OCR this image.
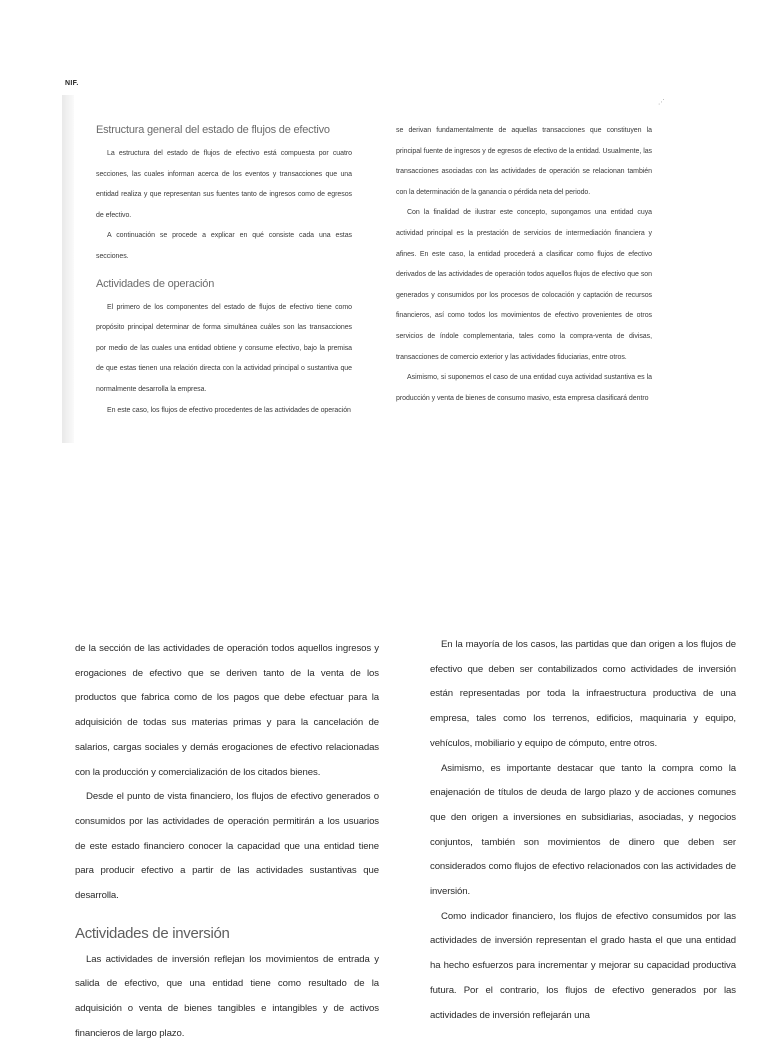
NIF.
⋰
Estructura general del estado de flujos de efectivo

La estructura del estado de flujos de efectivo está compuesta por cuatro secciones, las cuales informan acerca de los eventos y transacciones que una entidad realiza y que representan sus fuentes tanto de ingresos como de egresos de efectivo.

A continuación se procede a explicar en qué consiste cada una estas secciones.

Actividades de operación

El primero de los componentes del estado de flujos de efectivo tiene como propósito principal determinar de forma simultánea cuáles son las transacciones por medio de las cuales una entidad obtiene y consume efectivo, bajo la premisa de que estas tienen una relación directa con la actividad principal o sustantiva que normalmente desarrolla la empresa.

En este caso, los flujos de efectivo procedentes de las actividades de operación

se derivan fundamentalmente de aquellas transacciones que constituyen la principal fuente de ingresos y de egresos de efectivo de la entidad. Usualmente, las transacciones asociadas con las actividades de operación se relacionan también con la determinación de la ganancia o pérdida neta del periodo.

Con la finalidad de ilustrar este concepto, supongamos una entidad cuya actividad principal es la prestación de servicios de intermediación financiera y afines. En este caso, la entidad procederá a clasificar como flujos de efectivo derivados de las actividades de operación todos aquellos flujos de efectivo que son generados y consumidos por los procesos de colocación y captación de recursos financieros, así como todos los movimientos de efectivo provenientes de otros servicios de índole complementaria, tales como la compra-venta de divisas, transacciones de comercio exterior y las actividades fiduciarias, entre otros.

Asimismo, si suponemos el caso de una entidad cuya actividad sustantiva es la producción y venta de bienes de consumo masivo, esta empresa clasificará dentro

de la sección de las actividades de operación todos aquellos ingresos y erogaciones de efectivo que se deriven tanto de la venta de los productos que fabrica como de los pagos que debe efectuar para la adquisición de todas sus materias primas y para la cancelación de salarios, cargas sociales y demás erogaciones de efectivo relacionadas con la producción y comercialización de los citados bienes.

Desde el punto de vista financiero, los flujos de efectivo generados o consumidos por las actividades de operación permitirán a los usuarios de este estado financiero conocer la capacidad que una entidad tiene para producir efectivo a partir de las actividades sustantivas que desarrolla.

Actividades de inversión

Las actividades de inversión reflejan los movimientos de entrada y salida de efectivo, que una entidad tiene como resultado de la adquisición o venta de bienes tangibles e intangibles y de activos financieros de largo plazo.

En la mayoría de los casos, las partidas que dan origen a los flujos de efectivo que deben ser contabilizados como actividades de inversión están representadas por toda la infraestructura productiva de una empresa, tales como los terrenos, edificios, maquinaria y equipo, vehículos, mobiliario y equipo de cómputo, entre otros.

Asimismo, es importante destacar que tanto la compra como la enajenación de títulos de deuda de largo plazo y de acciones comunes que den origen a inversiones en subsidiarias, asociadas, y negocios conjuntos, también son movimientos de dinero que deben ser considerados como flujos de efectivo relacionados con las actividades de inversión.

Como indicador financiero, los flujos de efectivo consumidos por las actividades de inversión representan el grado hasta el que una entidad ha hecho esfuerzos para incrementar y mejorar su capacidad productiva futura. Por el contrario, los flujos de efectivo generados por las actividades de inversión reflejarán una
